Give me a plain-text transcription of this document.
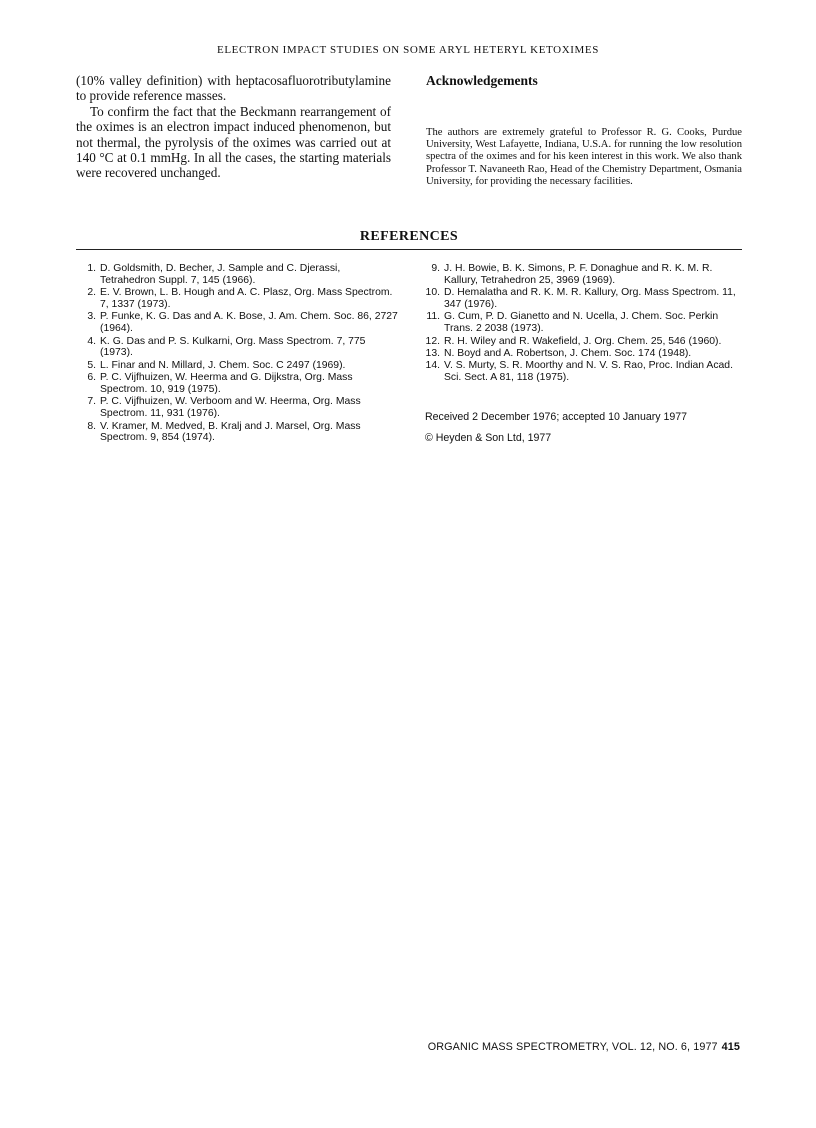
ELECTRON IMPACT STUDIES ON SOME ARYL HETERYL KETOXIMES

(10% valley definition) with heptacosafluorotributylamine to provide reference masses.

To confirm the fact that the Beckmann rearrangement of the oximes is an electron impact induced phenomenon, but not thermal, the pyrolysis of the oximes was carried out at 140 °C at 0.1 mmHg. In all the cases, the starting materials were recovered unchanged.

Acknowledgements

The authors are extremely grateful to Professor R. G. Cooks, Purdue University, West Lafayette, Indiana, U.S.A. for running the low resolution spectra of the oximes and for his keen interest in this work. We also thank Professor T. Navaneeth Rao, Head of the Chemistry Department, Osmania University, for providing the necessary facilities.

REFERENCES
1. D. Goldsmith, D. Becher, J. Sample and C. Djerassi, Tetrahedron Suppl. 7, 145 (1966).
2. E. V. Brown, L. B. Hough and A. C. Plasz, Org. Mass Spectrom. 7, 1337 (1973).
3. P. Funke, K. G. Das and A. K. Bose, J. Am. Chem. Soc. 86, 2727 (1964).
4. K. G. Das and P. S. Kulkarni, Org. Mass Spectrom. 7, 775 (1973).
5. L. Finar and N. Millard, J. Chem. Soc. C 2497 (1969).
6. P. C. Vijfhuizen, W. Heerma and G. Dijkstra, Org. Mass Spectrom. 10, 919 (1975).
7. P. C. Vijfhuizen, W. Verboom and W. Heerma, Org. Mass Spectrom. 11, 931 (1976).
8. V. Kramer, M. Medved, B. Kralj and J. Marsel, Org. Mass Spectrom. 9, 854 (1974).
9. J. H. Bowie, B. K. Simons, P. F. Donaghue and R. K. M. R. Kallury, Tetrahedron 25, 3969 (1969).
10. D. Hemalatha and R. K. M. R. Kallury, Org. Mass Spectrom. 11, 347 (1976).
11. G. Cum, P. D. Gianetto and N. Ucella, J. Chem. Soc. Perkin Trans. 2 2038 (1973).
12. R. H. Wiley and R. Wakefield, J. Org. Chem. 25, 546 (1960).
13. N. Boyd and A. Robertson, J. Chem. Soc. 174 (1948).
14. V. S. Murty, S. R. Moorthy and N. V. S. Rao, Proc. Indian Acad. Sci. Sect. A 81, 118 (1975).
Received 2 December 1976; accepted 10 January 1977
© Heyden & Son Ltd, 1977
ORGANIC MASS SPECTROMETRY, VOL. 12, NO. 6, 1977 415
